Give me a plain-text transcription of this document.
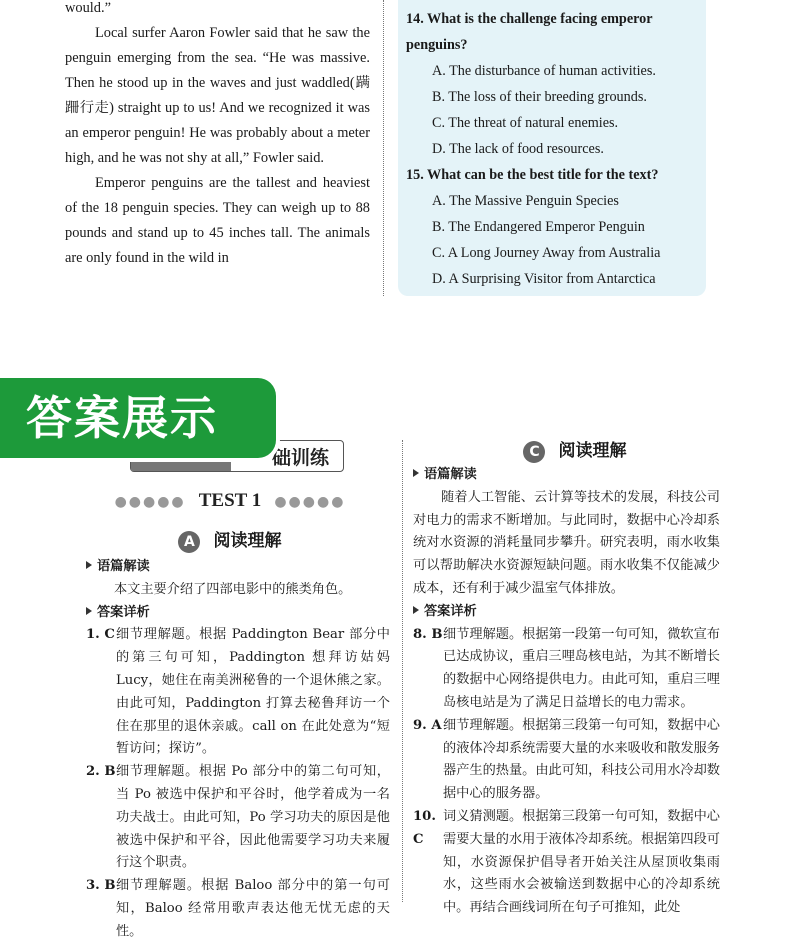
would.”

Local surfer Aaron Fowler said that he saw the penguin emerging from the sea. “He was massive. Then he stood up in the waves and just waddled(蹒跚行走) straight up to us! And we recognized it was an emperor penguin! He was probably about a meter high, and he was not shy at all,” Fowler said.

Emperor penguins are the tallest and heaviest of the 18 penguin species. They can weigh up to 88 pounds and stand up to 45 inches tall. The animals are only found in the wild in

14. What is the challenge facing emperor penguins?
A. The disturbance of human activities.
B. The loss of their breeding grounds.
C. The threat of natural enemies.
D. The lack of food resources.
15. What can be the best title for the text?
A. The Massive Penguin Species
B. The Endangered Emperor Penguin
C. A Long Journey Away from Australia
D. A Surprising Visitor from Antarctica
础训练
答案展示
●●●●● TEST 1 ●●●●●
A 阅读理解
语篇解读

本文主要介绍了四部电影中的熊类角色。

答案详析
1. C 细节理解题。根据 Paddington Bear 部分中的第三句可知，Paddington 想拜访姑妈 Lucy，她住在南美洲秘鲁的一个退休熊之家。由此可知，Paddington 打算去秘鲁拜访一个住在那里的退休亲戚。call on 在此处意为“短暂访问；探访”。
2. B 细节理解题。根据 Po 部分中的第二句可知，当 Po 被选中保护和平谷时，他学着成为一名功夫战士。由此可知，Po 学习功夫的原因是他被选中保护和平谷，因此他需要学习功夫来履行这个职责。
3. B 细节理解题。根据 Baloo 部分中的第一句可知，Baloo 经常用歌声表达他无忧无虑的天性。
C 阅读理解
语篇解读

随着人工智能、云计算等技术的发展，科技公司对电力的需求不断增加。与此同时，数据中心冷却系统对水资源的消耗量同步攀升。研究表明，雨水收集可以帮助解决水资源短缺问题。雨水收集不仅能减少成本，还有利于减少温室气体排放。

答案详析
8. B 细节理解题。根据第一段第一句可知，微软宣布已达成协议，重启三哩岛核电站，为其不断增长的数据中心网络提供电力。由此可知，重启三哩岛核电站是为了满足日益增长的电力需求。
9. A 细节理解题。根据第三段第一句可知，数据中心的液体冷却系统需要大量的水来吸收和散发服务器产生的热量。由此可知，科技公司用水冷却数据中心的服务器。
10. C
词义猜测题。根据第三段第一句可知，数据中心需要大量的水用于液体冷却系统。根据第四段可知，水资源保护倡导者开始关注从屋顶收集雨水，这些雨水会被输送到数据中心的冷却系统中。再结合画线词所在句子可推知，此处
